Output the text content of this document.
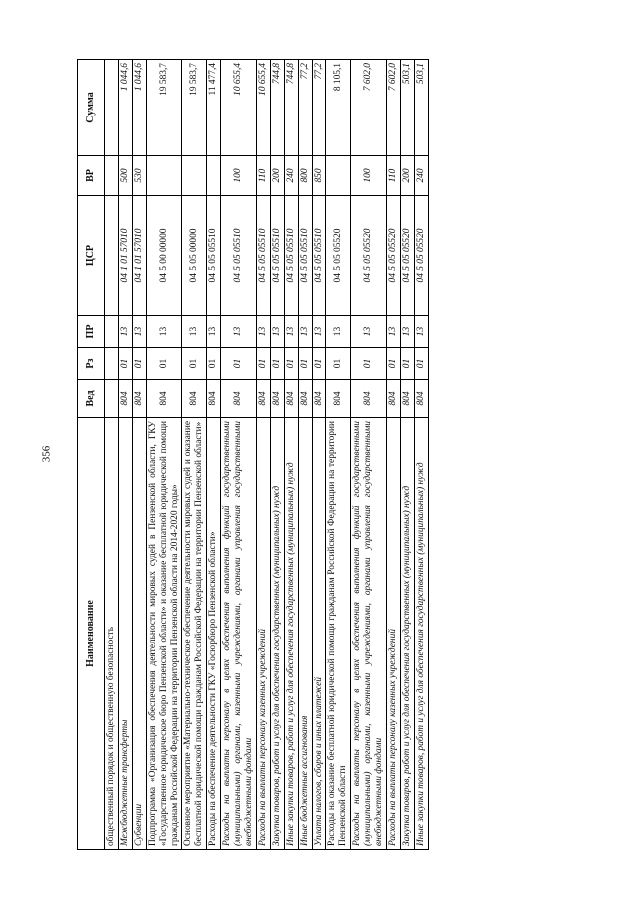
356
Наименование	Вед	Рз	ПР	ЦСР	ВР	Сумма
общественный порядок и общественную безопасность						
Межбюджетные трансферты	804	01	13	04 1 01 57010	500	1 044,6
Субвенции	804	01	13	04 1 01 57010	530	1 044,6
Подпрограмма «Организация обеспечения деятельности мировых судей в Пензенской области, ГКУ «Государственное юридическое бюро Пензенской области» и оказание бесплатной юридической помощи гражданам Российской Федерации на территории Пензенской области на 2014-2020 годы»	804	01	13	04 5 00 00000		19 583,7
Основное мероприятие «Материально-техническое обеспечение деятельности мировых судей и оказание бесплатной юридической помощи гражданам Российской Федерации на территории Пензенской области»	804	01	13	04 5 05 00000		19 583,7
Расходы на обеспечение деятельности ГКУ «Госюрбюро Пензенской области»	804	01	13	04 5 05 05510		11 477,4
Расходы на выплаты персоналу в целях обеспечения выполнения функций государственными (муниципальными) органами, казенными учреждениями, органами управления государственными внебюджетными фондами	804	01	13	04 5 05 05510	100	10 655,4
Расходы на выплаты персоналу казенных учреждений	804	01	13	04 5 05 05510	110	10 655,4
Закупка товаров, работ и услуг для обеспечения государственных (муниципальных) нужд	804	01	13	04 5 05 05510	200	744,8
Иные закупки товаров, работ и услуг для обеспечения государственных (муниципальных) нужд	804	01	13	04 5 05 05510	240	744,8
Иные бюджетные ассигнования	804	01	13	04 5 05 05510	800	77,2
Уплата налогов, сборов и иных платежей	804	01	13	04 5 05 05510	850	77,2
Расходы на оказание бесплатной юридической помощи гражданам Российской Федерации на территории Пензенской области	804	01	13	04 5 05 05520		8 105,1
Расходы на выплаты персоналу в целях обеспечения выполнения функций государственными (муниципальными) органами, казенными учреждениями, органами управления государственными внебюджетными фондами	804	01	13	04 5 05 05520	100	7 602,0
Расходы на выплаты персоналу казенных учреждений	804	01	13	04 5 05 05520	110	7 602,0
Закупка товаров, работ и услуг для обеспечения государственных (муниципальных) нужд	804	01	13	04 5 05 05520	200	503,1
Иные закупки товаров, работ и услуг для обеспечения государственных (муниципальных) нужд	804	01	13	04 5 05 05520	240	503,1
